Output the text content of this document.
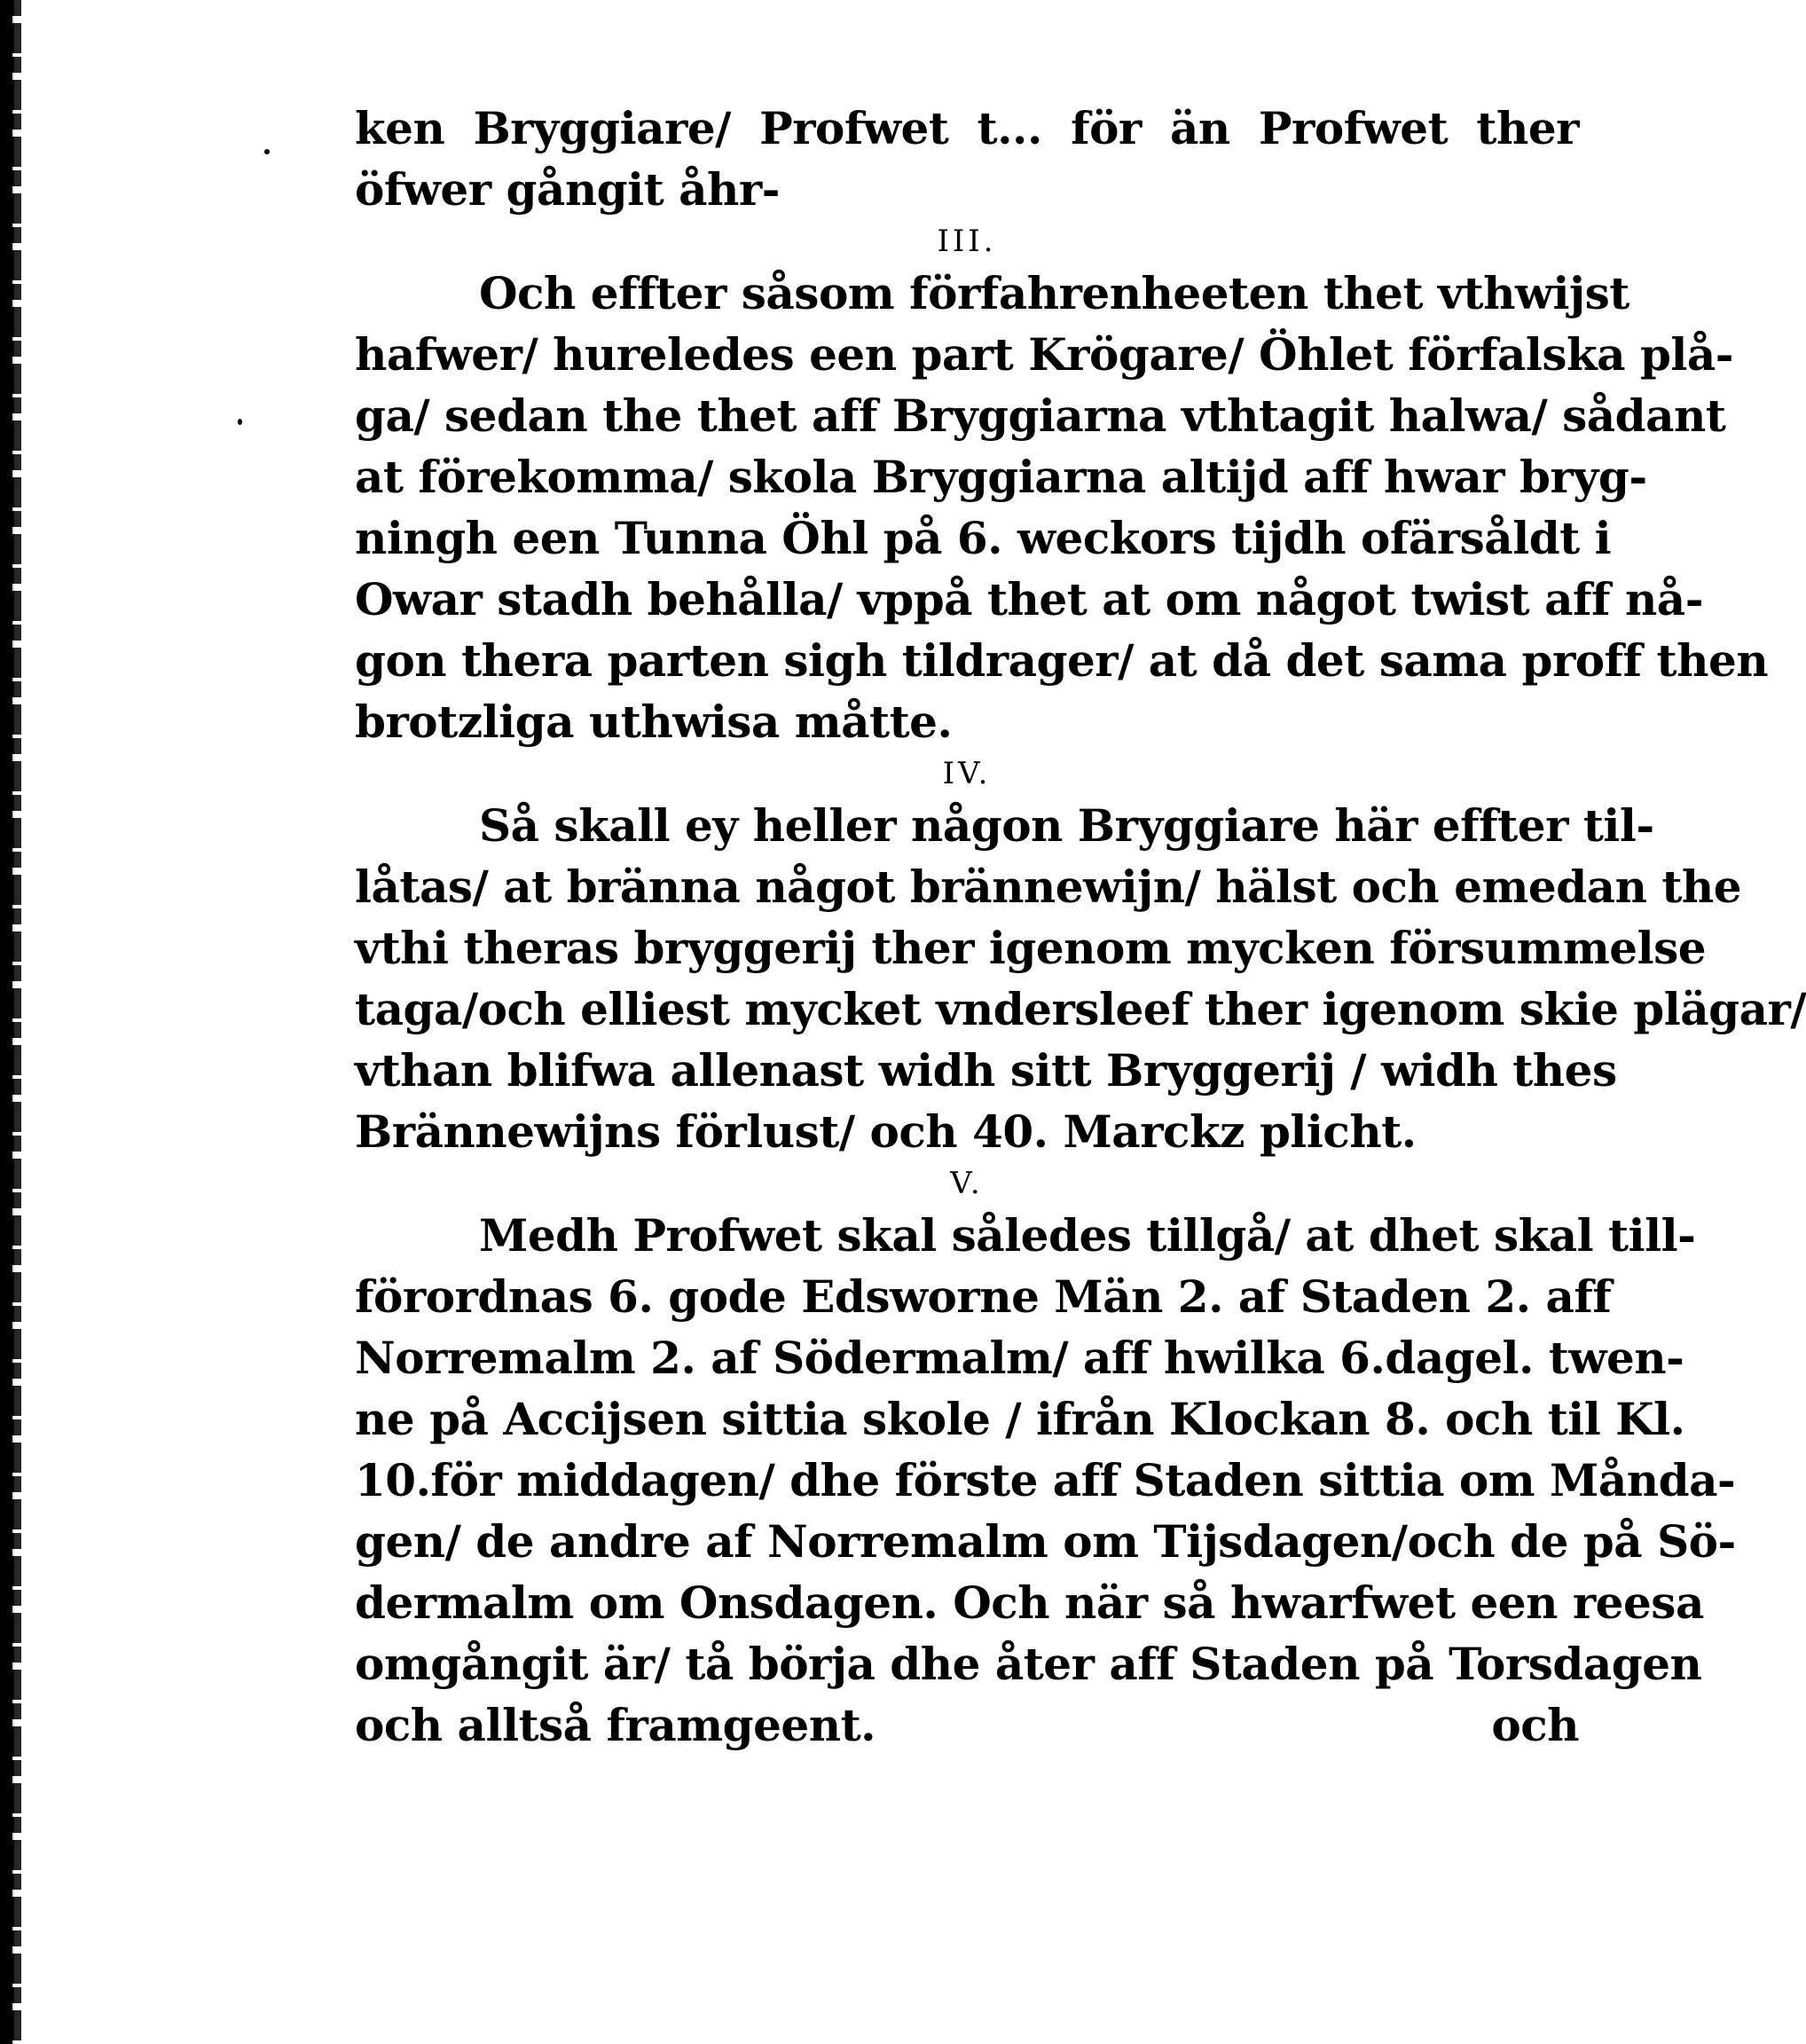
ken Bryggiare/ Profwet t... för än Profwet ther
öfwer gångit åhr-
III.
Och effter såsom förfahrenheeten thet vthwijst
hafwer/ hureledes een part Krögare/ Öhlet förfalska plå-
ga/ sedan the thet aff Bryggiarna vthtagit halwa/ sådant
at förekomma/ skola Bryggiarna altijd aff hwar bryg-
ningh een Tunna Öhl på 6. weckors tijdh ofärsåldt i
Owar stadh behålla/ vppå thet at om något twist aff nå-
gon thera parten sigh tildrager/ at då det sama proff then
brotzliga uthwisa måtte.
IV.
Så skall ey heller någon Bryggiare här effter til-
låtas/ at bränna något brännewijn/ hälst och emedan the
vthi theras bryggerij ther igenom mycken försummelse
taga/och elliest mycket vndersleef ther igenom skie plägar/
vthan blifwa allenast widh sitt Bryggerij / widh thes
Brännewijns förlust/ och 40. Marckz plicht.
V.
Medh Profwet skal således tillgå/ at dhet skal till-
förordnas 6. gode Edsworne Män 2. af Staden 2. aff
Norremalm 2. af Södermalm/ aff hwilka 6.dagel. twen-
ne på Accijsen sittia skole / ifrån Klockan 8. och til Kl.
10.för middagen/ dhe förste aff Staden sittia om Månda-
gen/ de andre af Norremalm om Tijsdagen/och de på Sö-
dermalm om Onsdagen. Och när så hwarfwet een reesa
omgångit är/ tå börja dhe åter aff Staden på Torsdagen
och alltså framgeent.	och
